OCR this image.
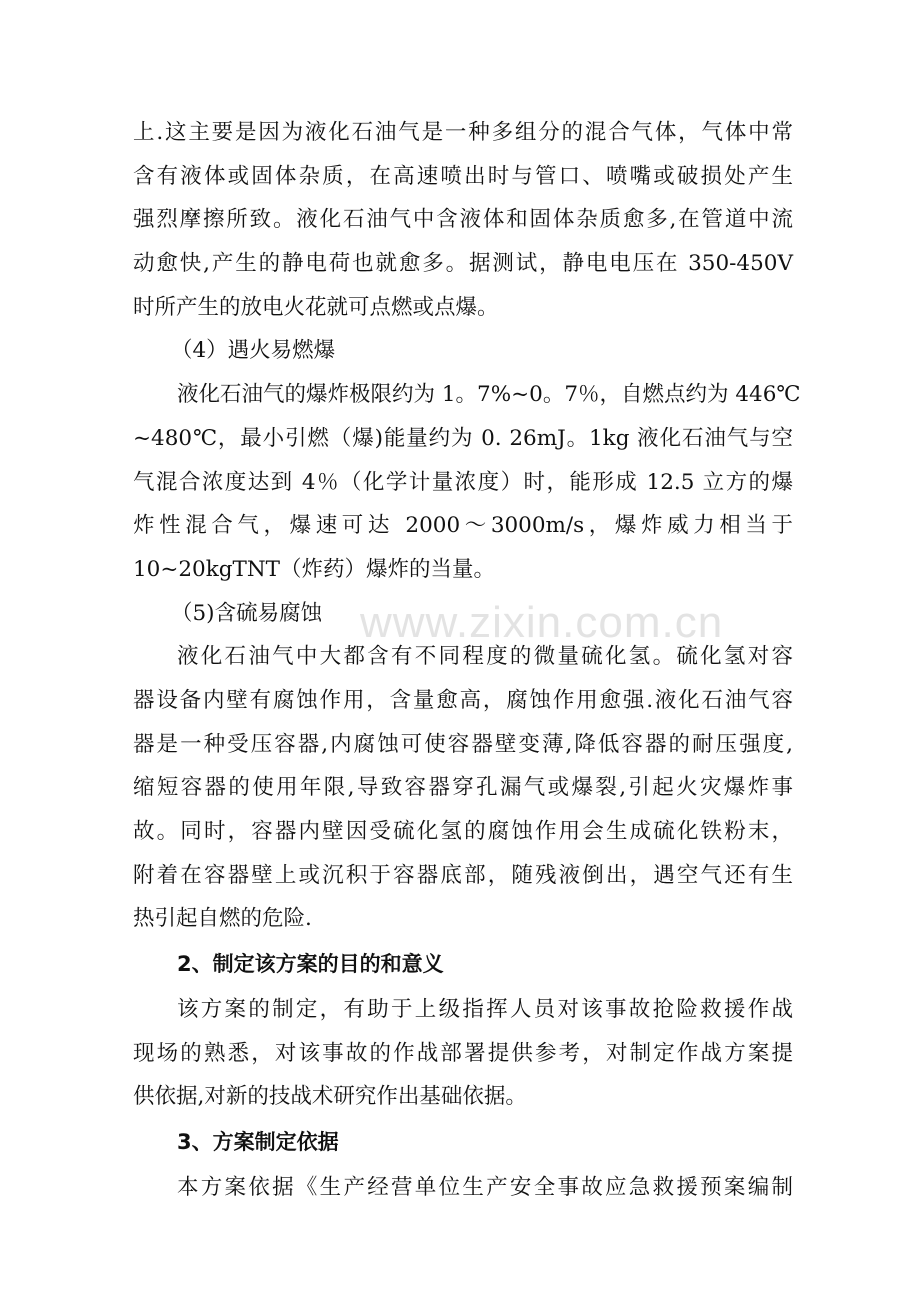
www.zixin.com.cn
上.这主要是因为液化石油气是一种多组分的混合气体，气体中常
含有液体或固体杂质，在高速喷出时与管口、喷嘴或破损处产生
强烈摩擦所致。液化石油气中含液体和固体杂质愈多,在管道中流
动愈快,产生的静电荷也就愈多。据测试，静电电压在 350-450V
时所产生的放电火花就可点燃或点爆。
（4）遇火易燃爆
液化石油气的爆炸极限约为 1。7%~0。7％，自燃点约为 446℃
~480℃，最小引燃（爆)能量约为 0. 26mJ。1kg 液化石油气与空
气混合浓度达到 4％（化学计量浓度）时，能形成 12.5 立方的爆
炸性混合气，爆速可达 2000～3000m/s，爆炸威力相当于
10~20kgTNT（炸药）爆炸的当量。
（5)含硫易腐蚀
液化石油气中大都含有不同程度的微量硫化氢。硫化氢对容
器设备内壁有腐蚀作用，含量愈高，腐蚀作用愈强.液化石油气容
器是一种受压容器,内腐蚀可使容器壁变薄,降低容器的耐压强度,
缩短容器的使用年限,导致容器穿孔漏气或爆裂,引起火灾爆炸事
故。同时，容器内壁因受硫化氢的腐蚀作用会生成硫化铁粉末，
附着在容器壁上或沉积于容器底部，随残液倒出，遇空气还有生
热引起自燃的危险.
2、制定该方案的目的和意义
该方案的制定，有助于上级指挥人员对该事故抢险救援作战
现场的熟悉，对该事故的作战部署提供参考，对制定作战方案提
供依据,对新的技战术研究作出基础依据。
3、方案制定依据
本方案依据《生产经营单位生产安全事故应急救援预案编制
